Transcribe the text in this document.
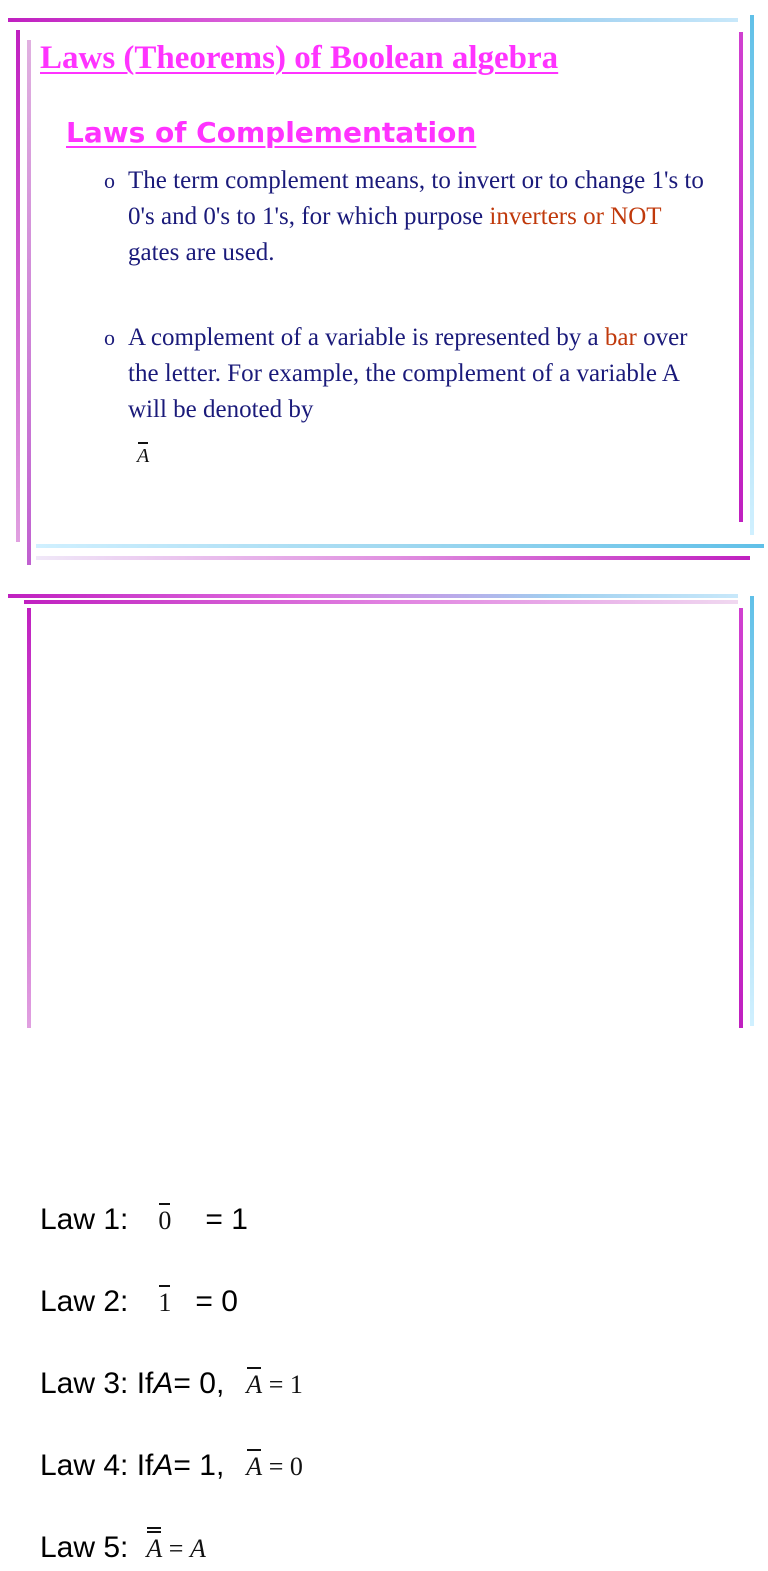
Laws (Theorems) of Boolean algebra
Laws of Complementation
o The term complement means, to invert or to change 1's to 0's and 0's to 1's, for which purpose inverters or NOT gates are used.
o A complement of a variable is represented by a bar over the letter. For example, the complement of a variable A will be denoted by
A
Law 1: 0 = 1
Law 2: 1 = 0
Law 3: If A = 0, A = 1
Law 4: If A = 1, A = 0
Law 5: A = A
